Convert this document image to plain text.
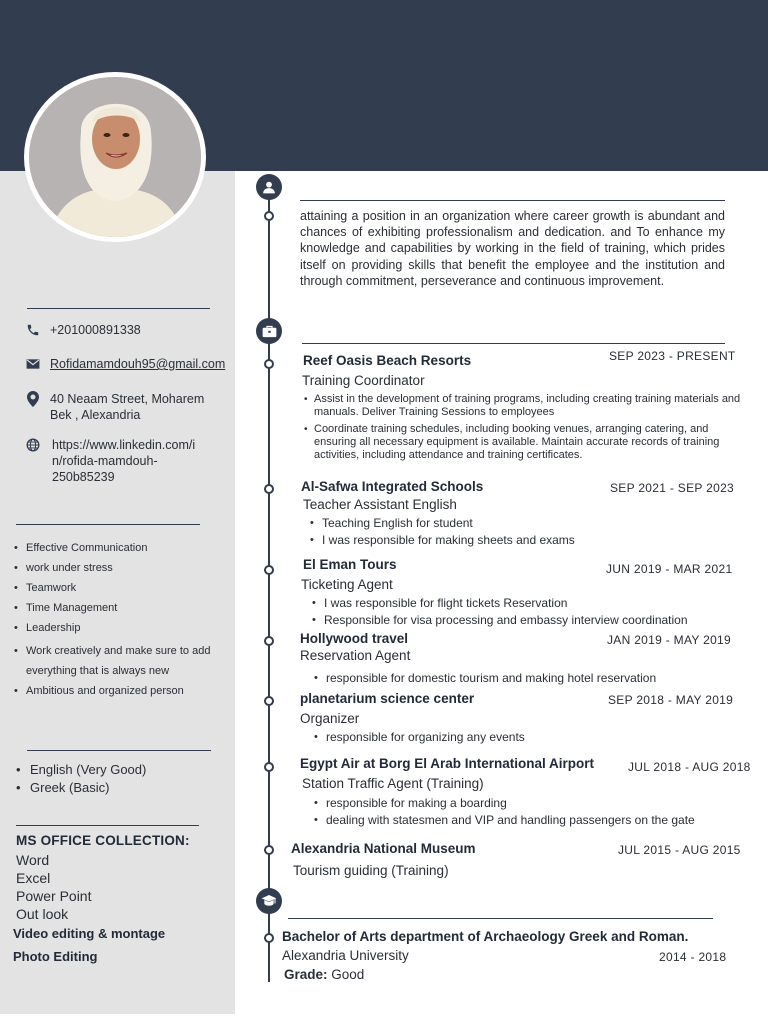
+201000891338
Rofidamamdouh95@gmail.com
40 Neaam Street, Moharem
Bek , Alexandria
https://www.linkedin.com/i
n/rofida-mamdouh-
250b85239
• Effective Communication
• work under stress
• Teamwork
• Time Management
• Leadership
• Work creatively and make sure to add everything that is always new
• Ambitious and organized person
• English (Very Good)
• Greek (Basic)
MS OFFICE COLLECTION:
Word
Excel
Power Point
Out look
Video editing & montage
Photo Editing
attaining a position in an organization where career growth is abundant and chances of exhibiting professionalism and dedication. and To enhance my knowledge and capabilities by working in the field of training, which prides itself on providing skills that benefit the employee and the institution and through commitment, perseverance and continuous improvement.
Reef Oasis Beach Resorts	SEP 2023 - PRESENT
Training Coordinator
• Assist in the development of training programs, including creating training materials and manuals. Deliver Training Sessions to employees
• Coordinate training schedules, including booking venues, arranging catering, and ensuring all necessary equipment is available. Maintain accurate records of training activities, including attendance and training certificates.
Al-Safwa Integrated Schools	SEP 2021 - SEP 2023
Teacher Assistant English
• Teaching English for student
• I was responsible for making sheets and exams
El Eman Tours	JUN 2019 - MAR 2021
Ticketing Agent
• I was responsible for flight tickets Reservation
• Responsible for visa processing and embassy interview coordination
Hollywood travel	JAN 2019 - MAY 2019
Reservation Agent
• responsible for domestic tourism and making hotel reservation
planetarium science center	SEP 2018 - MAY 2019
Organizer
• responsible for organizing any events
Egypt Air at Borg El Arab International Airport	JUL 2018 - AUG 2018
Station Traffic Agent (Training)
• responsible for making a boarding
• dealing with statesmen and VIP and handling passengers on the gate
Alexandria National Museum	JUL 2015 - AUG 2015
Tourism guiding (Training)
Bachelor of Arts department of Archaeology Greek and Roman.
Alexandria University	2014 - 2018
Grade: Good
